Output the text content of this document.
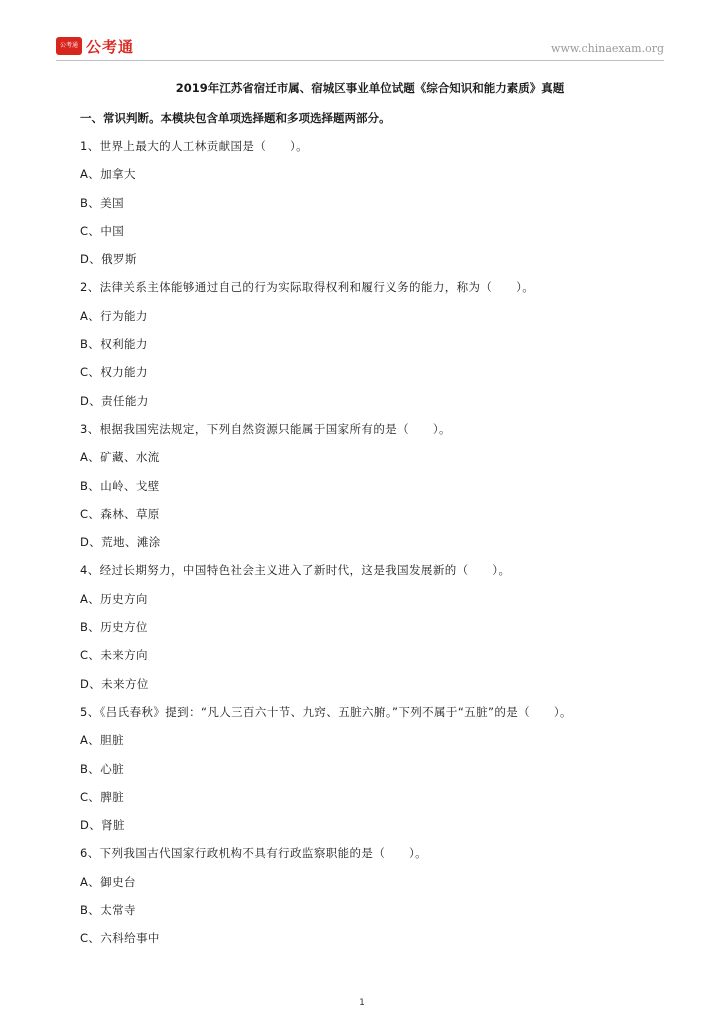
公考通 公考通	www.chinaexam.org
2019年江苏省宿迁市属、宿城区事业单位试题《综合知识和能力素质》真题
一、常识判断。本模块包含单项选择题和多项选择题两部分。
1、世界上最大的人工林贡献国是（　　）。
A、加拿大
B、美国
C、中国
D、俄罗斯
2、法律关系主体能够通过自己的行为实际取得权利和履行义务的能力，称为（　　）。
A、行为能力
B、权利能力
C、权力能力
D、责任能力
3、根据我国宪法规定，下列自然资源只能属于国家所有的是（　　）。
A、矿藏、水流
B、山岭、戈壁
C、森林、草原
D、荒地、滩涂
4、经过长期努力，中国特色社会主义进入了新时代，这是我国发展新的（　　）。
A、历史方向
B、历史方位
C、未来方向
D、未来方位
5、《吕氏春秋》提到：“凡人三百六十节、九窍、五脏六腑。”下列不属于“五脏”的是（　　）。
A、胆脏
B、心脏
C、脾脏
D、肾脏
6、下列我国古代国家行政机构不具有行政监察职能的是（　　）。
A、御史台
B、太常寺
C、六科给事中
1
